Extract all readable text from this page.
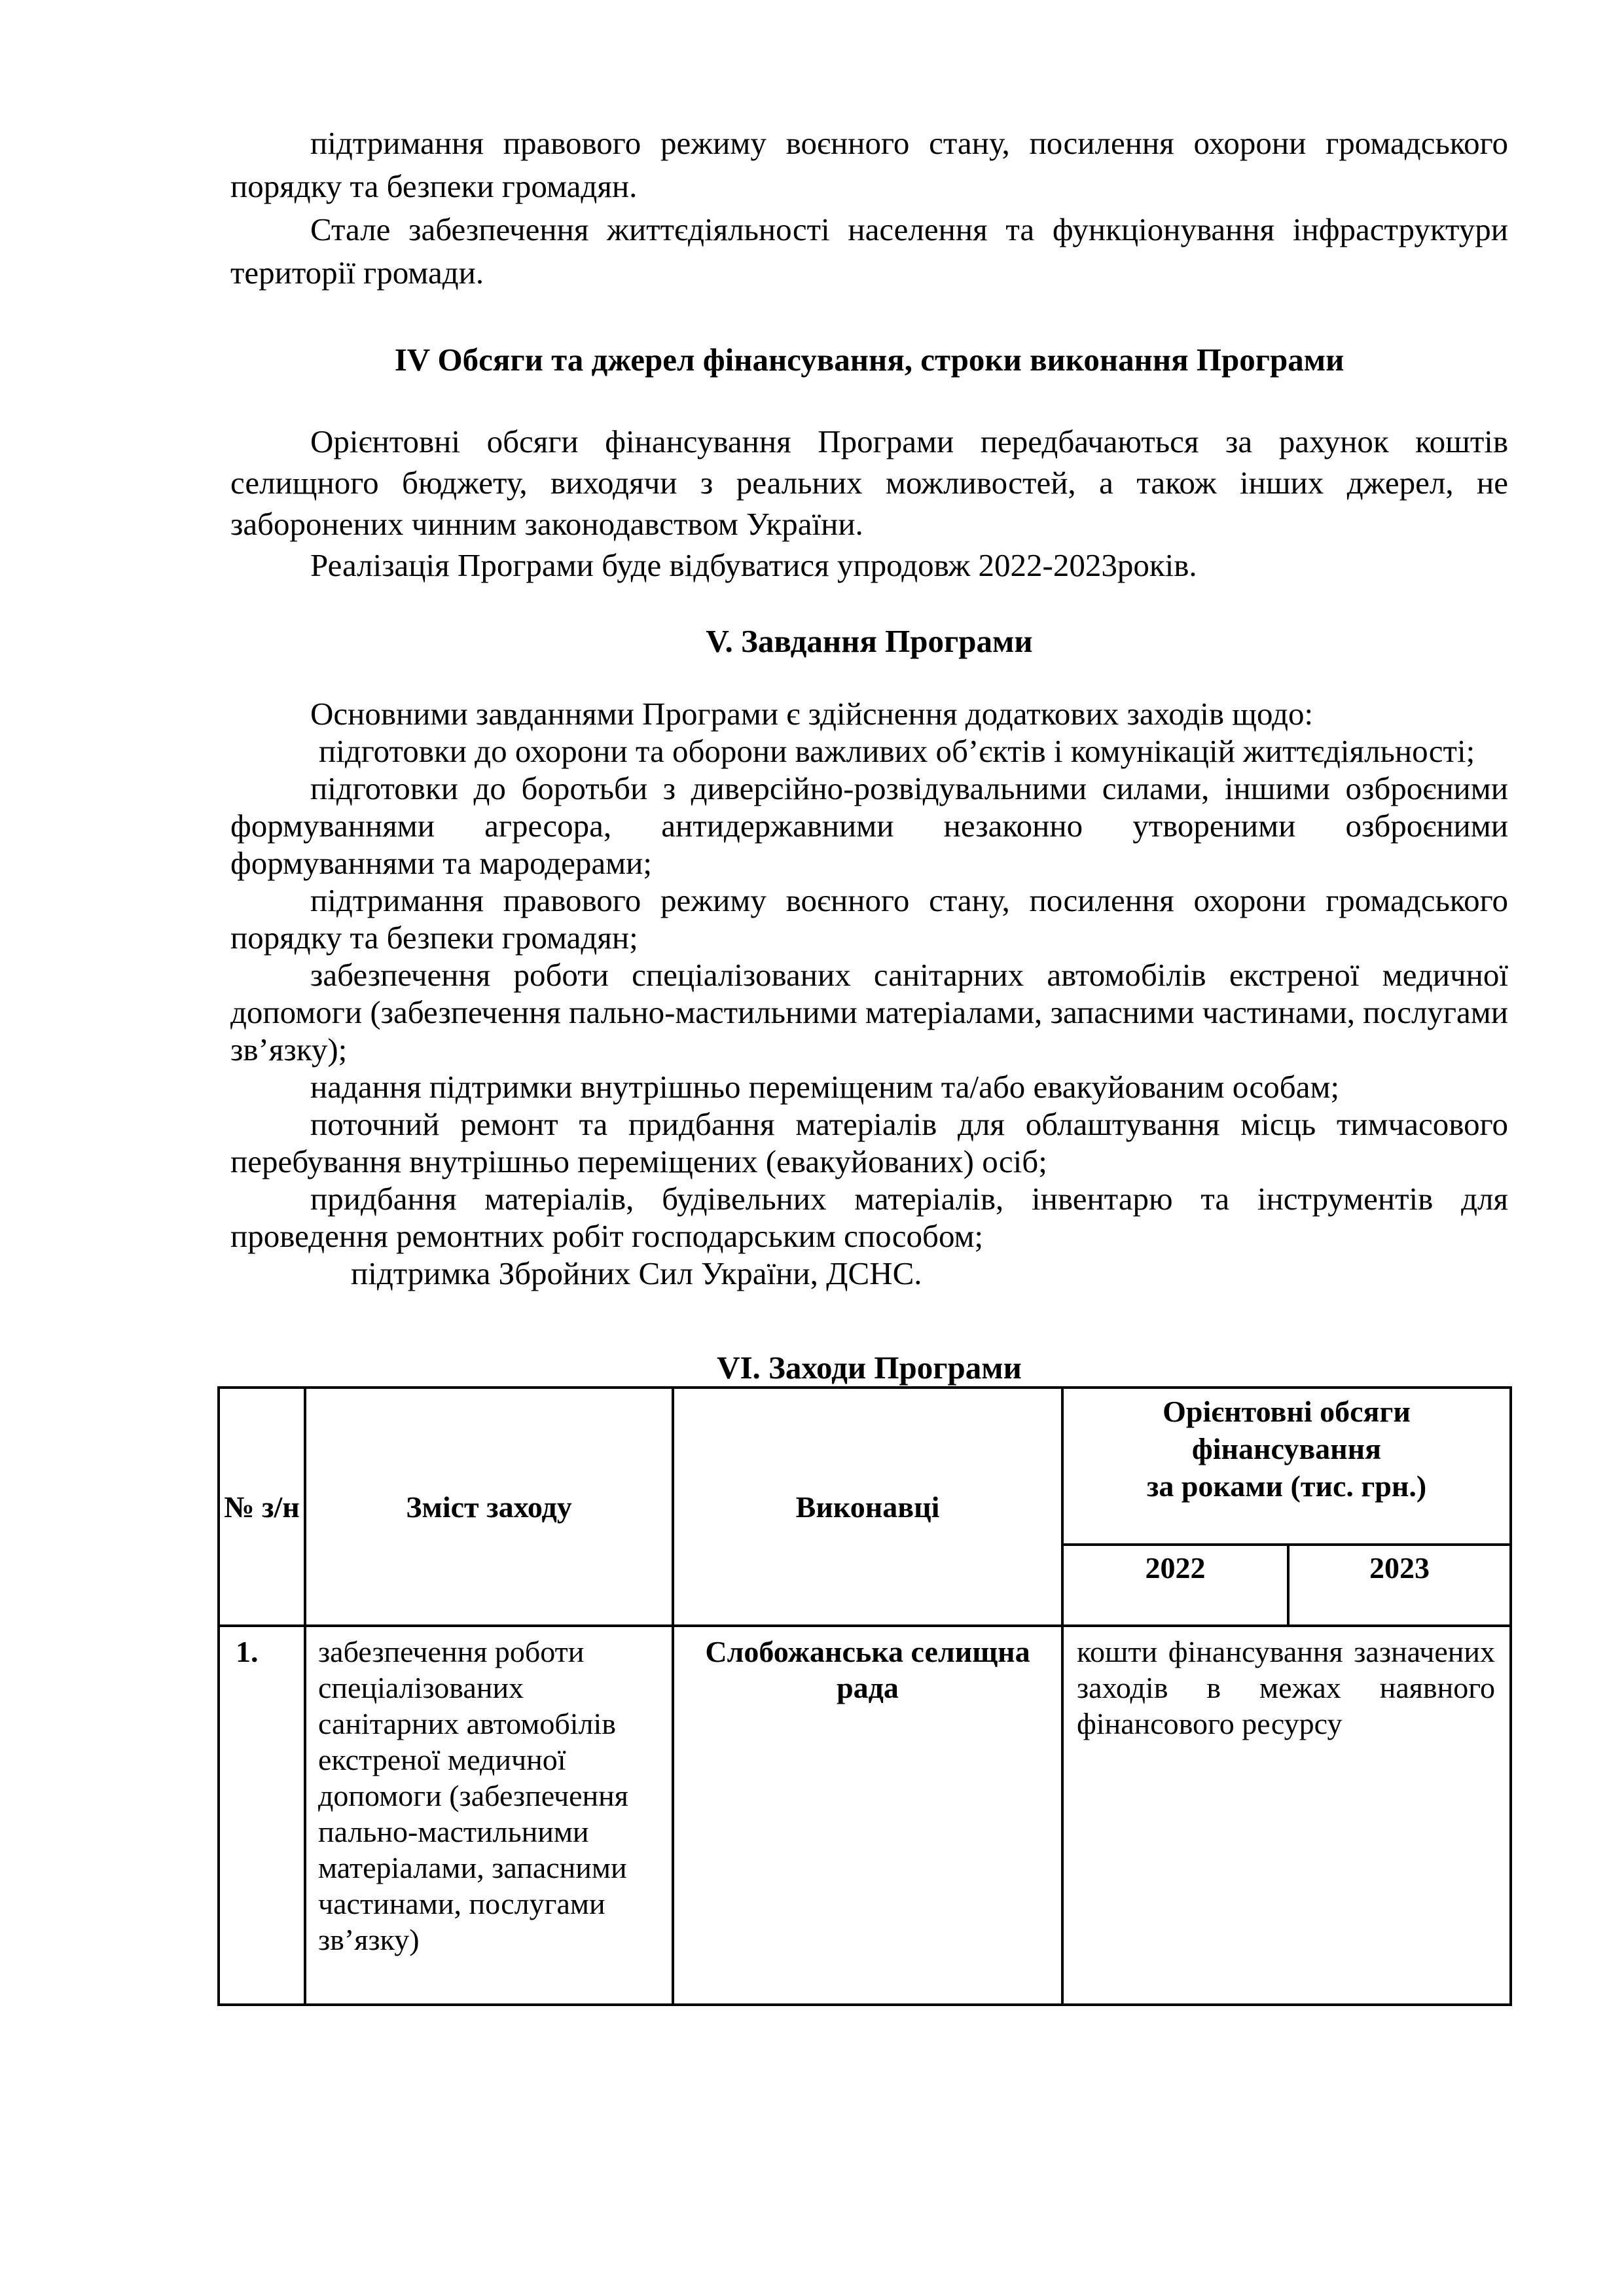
підтримання правового режиму воєнного стану, посилення охорони громадського порядку та безпеки громадян.

Стале забезпечення життєдіяльності населення та функціонування інфраструктури території громади.

IV Обсяги та джерел фінансування, строки виконання Програми

Орієнтовні обсяги фінансування Програми передбачаються за рахунок коштів селищного бюджету, виходячи з реальних можливостей, а також інших джерел, не заборонених чинним законодавством України.

Реалізація Програми буде відбуватися упродовж 2022-2023років.

V. Завдання Програми

Основними завданнями Програми є здійснення додаткових заходів щодо:

підготовки до охорони та оборони важливих об’єктів і комунікацій життєдіяльності;

підготовки до боротьби з диверсійно-розвідувальними силами, іншими озброєними формуваннями агресора, антидержавними незаконно утвореними озброєними формуваннями та мародерами;

підтримання правового режиму воєнного стану, посилення охорони громадського порядку та безпеки громадян;

забезпечення роботи спеціалізованих санітарних автомобілів екстреної медичної допомоги (забезпечення пально-мастильними матеріалами, запасними частинами, послугами зв’язку);

надання підтримки внутрішньо переміщеним та/або евакуйованим особам;

поточний ремонт та придбання матеріалів для облаштування місць тимчасового перебування внутрішньо переміщених (евакуйованих) осіб;

придбання матеріалів, будівельних матеріалів, інвентарю та інструментів для проведення ремонтних робіт господарським способом;

підтримка Збройних Сил України, ДСНС.

VI. Заходи Програми
№ з/н	Зміст заходу	Виконавці	Орієнтовні обсяги
фінансування
за роками (тис. грн.)	

			2022	2023
1.	забезпечення роботи спеціалізованих санітарних автомобілів екстреної медичної допомоги (забезпечення пально-мастильними матеріалами, запасними частинами, послугами зв’язку)	Слобожанська селищна рада	кошти фінансування зазначених заходів в межах наявного фінансового ресурсу	
